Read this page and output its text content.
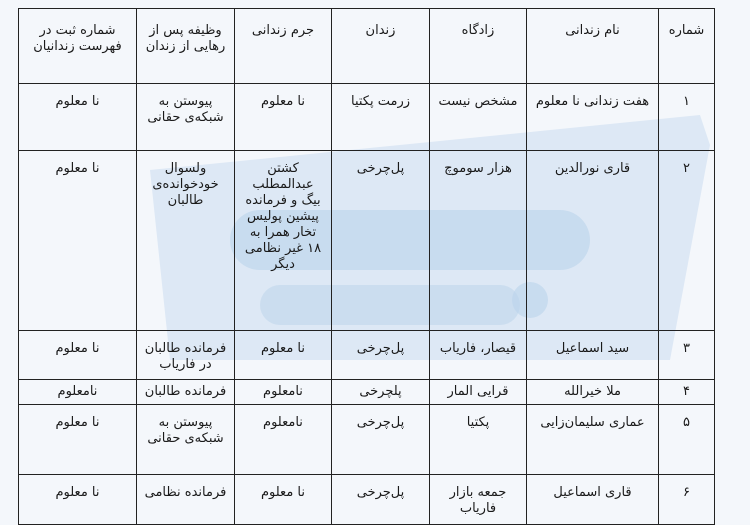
شماره	نام زندانی	زادگاه	زندان	جرم زندانی	وظیفه پس از رهایی از زندان	شماره ثبت در فهرست زندانیان
۱	هفت زندانی نا معلوم	مشخص نیست	زرمت پکتیا	نا معلوم	پیوستن به شبکه‌ی حقانی	نا معلوم
۲	قاری نورالدین	هزار سوموچ	پل‌چرخی	کشتن عبدالمطلب بیگ و فرمانده پیشین پولیس تخار همرا به ۱۸ غیر نظامی دیگر	ولسوال خودخوانده‌ی طالبان	نا معلوم
۳	سید اسماعیل	قیصار، فاریاب	پل‌چرخی	نا معلوم	فرمانده طالبان در فاریاب	نا معلوم
۴	ملا خیرالله	قرایی المار	پلچرخی	نامعلوم	فرمانده طالبان	نامعلوم
۵	عماری سلیمان‌زایی	پکتیا	پل‌چرخی	نامعلوم	پیوستن به شبکه‌ی حقانی	نا معلوم
۶	قاری اسماعیل	جمعه بازار فاریاب	پل‌چرخی	نا معلوم	فرمانده نظامی	نا معلوم
